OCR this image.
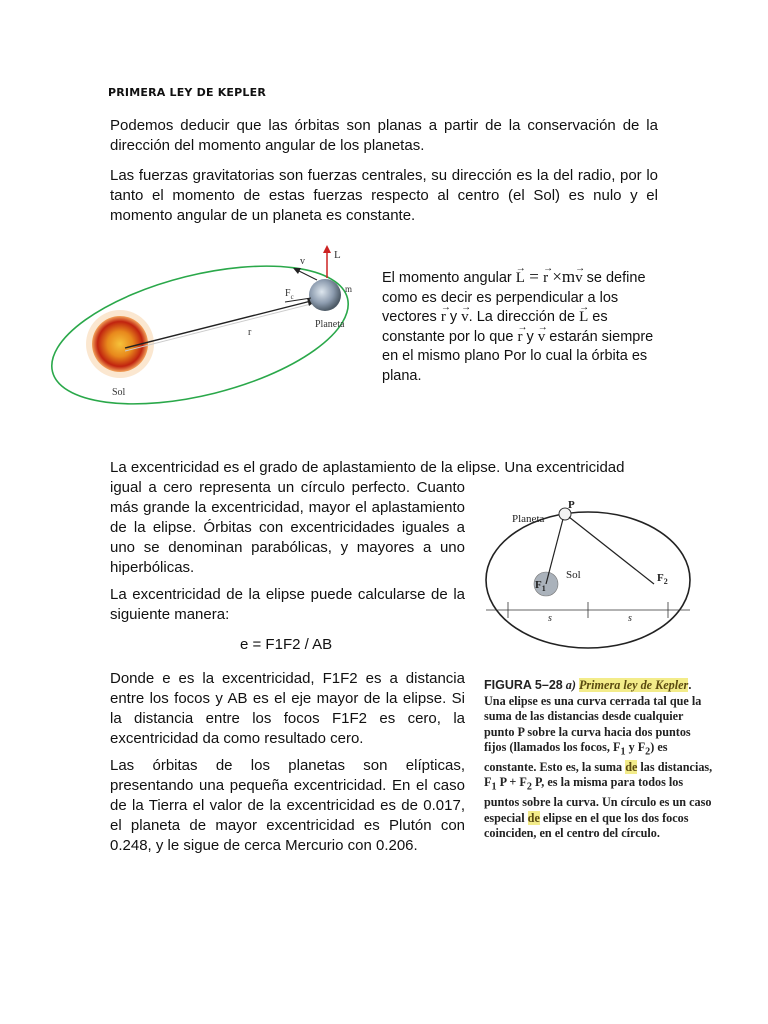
PRIMERA LEY DE KEPLER

Podemos deducir que las órbitas son planas a partir de la conservación de la dirección del momento angular de los planetas.

Las fuerzas gravitatorias son fuerzas centrales, su dirección es la del radio, por lo tanto el momento de estas fuerzas respecto al centro (el Sol) es nulo y el momento angular de un planeta es constante.

L
v
$F_c$
m
Planeta
r
Sol
El momento angular → L = → r ×m→ v se define como es decir es perpendicular a los vectores → r y → v. La dirección de → L es constante por lo que → r y → v estarán siempre en el mismo plano Por lo cual la órbita es plana.

La excentricidad es el grado de aplastamiento de la elipse. Una excentricidad

igual a cero representa un círculo perfecto. Cuanto más grande la excentricidad, mayor el aplastamiento de la elipse. Órbitas con excentricidades iguales a uno se denominan parabólicas, y mayores a uno hiperbólicas.

La excentricidad de la elipse puede calcularse de la siguiente manera:

e = F1F2 / AB

Donde e es la excentricidad, F1F2 es a distancia entre los focos y AB es el eje mayor de la elipse. Si la distancia entre los focos F1F2 es cero, la excentricidad da como resultado cero.

Las órbitas de los planetas son elípticas, presentando una pequeña excentricidad. En el caso de la Tierra el valor de la excentricidad es de 0.017, el planeta de mayor excentricidad es Plutón con 0.248, y le sigue de cerca Mercurio con 0.206.

Planeta
P
Sol
$F_1$
$F_2$
s	s
FIGURA 5–28 a) Primera ley de Kepler. Una elipse es una curva cerrada tal que la suma de las distancias desde cualquier punto P sobre la curva hacia dos puntos fijos (llamados los focos, $F_1$ y $F_2$) es constante. Esto es, la suma de las distancias, $F_1$ $P + F_2$ P, es la misma para todos los puntos sobre la curva. Un círculo es un caso especial de elipse en el que los dos focos coinciden, en el centro del círculo.
